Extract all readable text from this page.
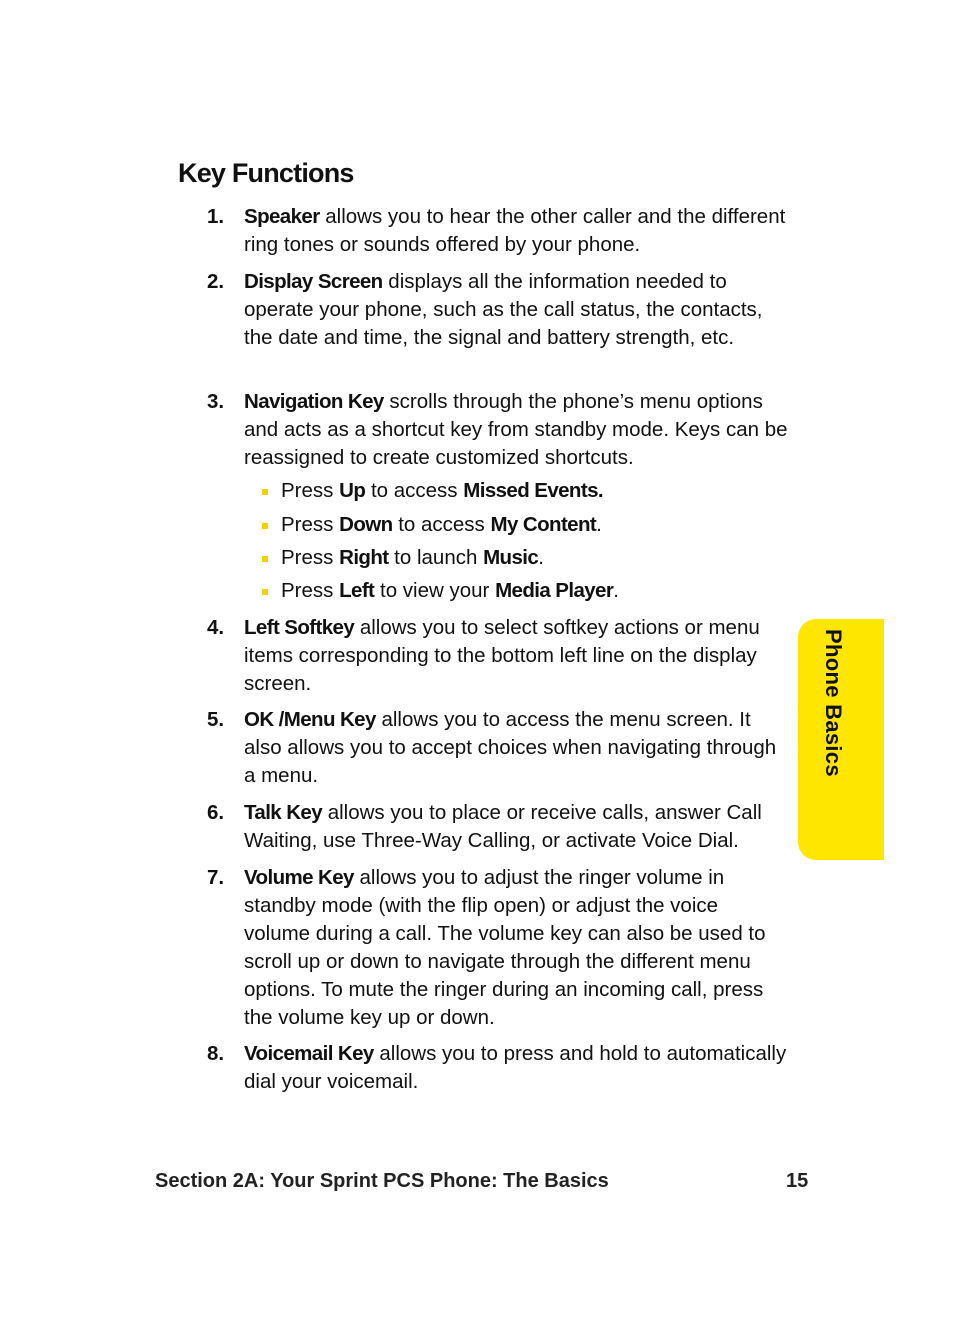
Key Functions
1. Speaker allows you to hear the other caller and the different ring tones or sounds offered by your phone.
2. Display Screen displays all the information needed to operate your phone, such as the call status, the contacts, the date and time, the signal and battery strength, etc.
3. Navigation Key scrolls through the phone’s menu options and acts as a shortcut key from standby mode. Keys can be reassigned to create customized shortcuts.
Press Up to access Missed Events.
Press Down to access My Content.
Press Right to launch Music.
Press Left to view your Media Player.
4. Left Softkey allows you to select softkey actions or menu items corresponding to the bottom left line on the display screen.
5. OK /Menu Key allows you to access the menu screen. It also allows you to accept choices when navigating through a menu.
6. Talk Key allows you to place or receive calls, answer Call Waiting, use Three-Way Calling, or activate Voice Dial.
7. Volume Key allows you to adjust the ringer volume in standby mode (with the flip open) or adjust the voice volume during a call. The volume key can also be used to scroll up or down to navigate through the different menu options. To mute the ringer during an incoming call, press the volume key up or down.
8. Voicemail Key allows you to press and hold to automatically dial your voicemail.
Phone Basics
Section 2A: Your Sprint PCS Phone: The Basics	15
